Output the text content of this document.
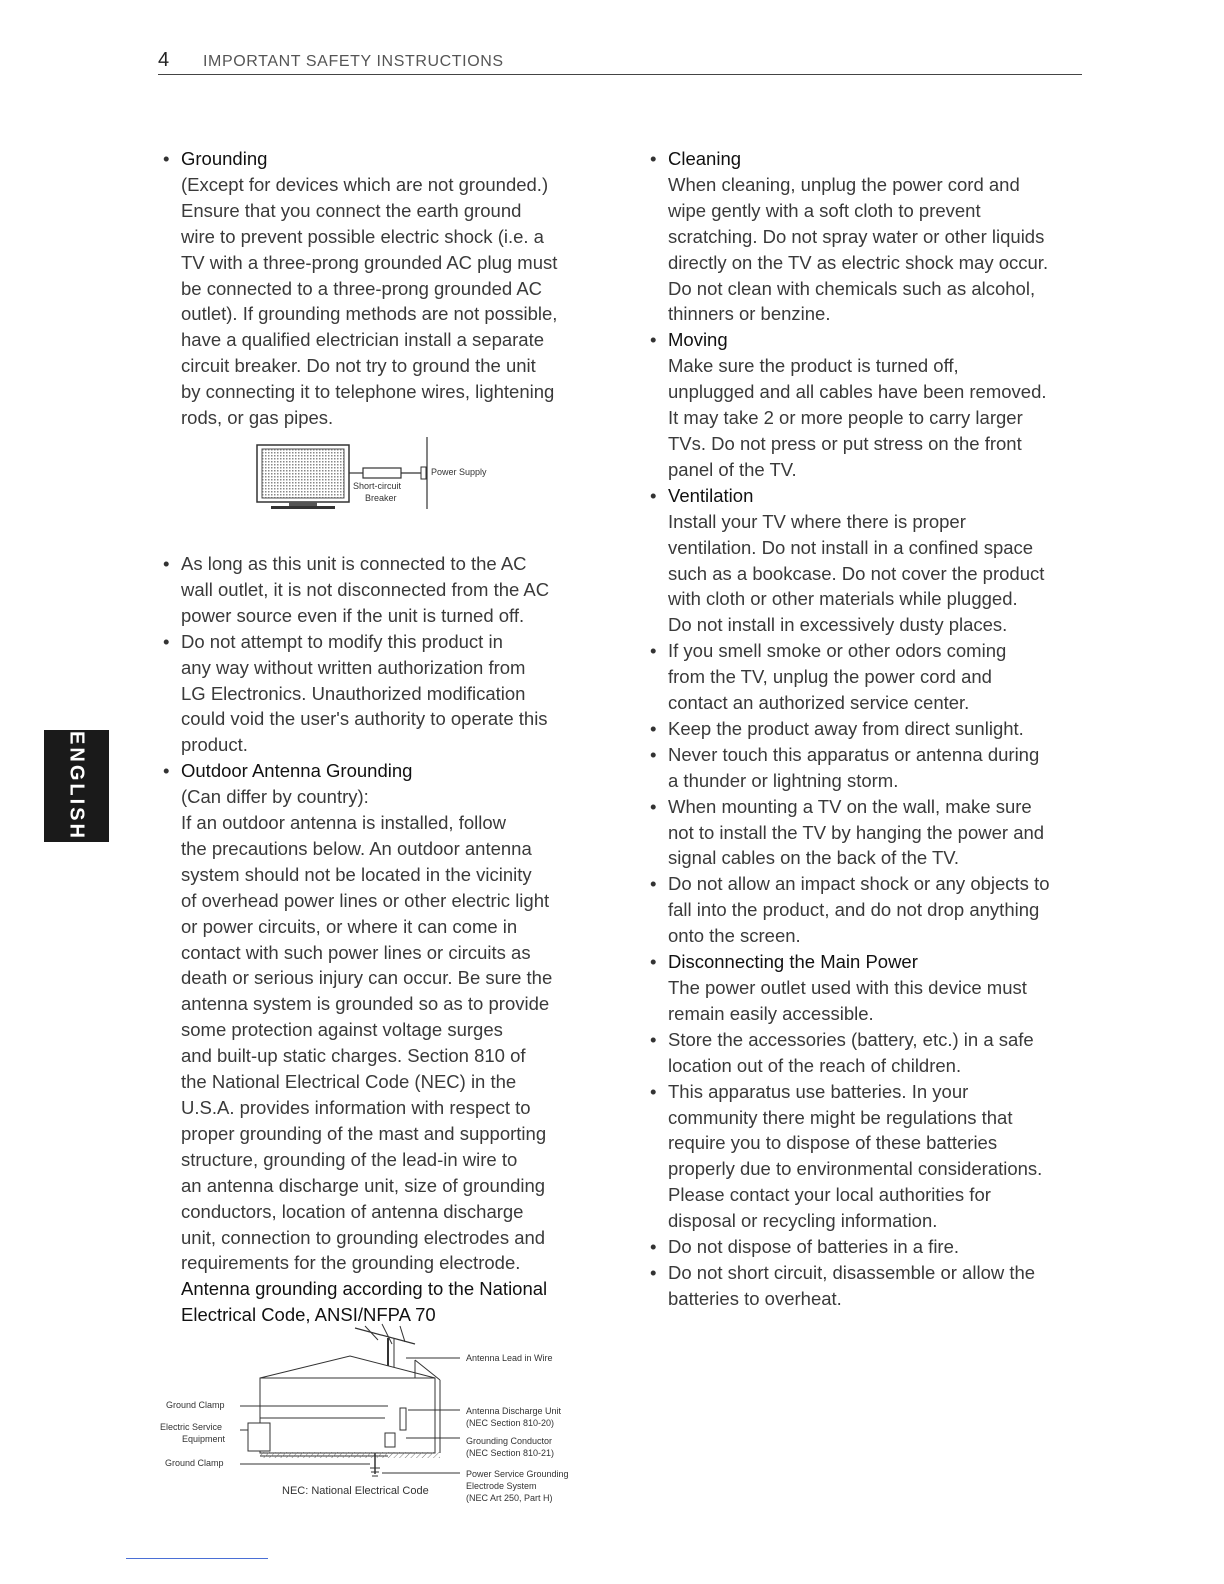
4 IMPORTANT SAFETY INSTRUCTIONS
ENGLISH
• Grounding
(Except for devices which are not grounded.)
Ensure that you connect the earth ground
wire to prevent possible electric shock (i.e. a
TV with a three-prong grounded AC plug must
be connected to a three-prong grounded AC
outlet). If grounding methods are not possible,
have a qualified electrician install a separate
circuit breaker. Do not try to ground the unit
by connecting it to telephone wires, lightening
rods, or gas pipes.
Power Supply
Short-circuit
Breaker
• As long as this unit is connected to the AC
wall outlet, it is not disconnected from the AC
power source even if the unit is turned off.
• Do not attempt to modify this product in
any way without written authorization from
LG Electronics. Unauthorized modification
could void the user's authority to operate this
product.
• Outdoor Antenna Grounding
(Can differ by country):
If an outdoor antenna is installed, follow
the precautions below. An outdoor antenna
system should not be located in the vicinity
of overhead power lines or other electric light
or power circuits, or where it can come in
contact with such power lines or circuits as
death or serious injury can occur. Be sure the
antenna system is grounded so as to provide
some protection against voltage surges
and built-up static charges. Section 810 of
the National Electrical Code (NEC) in the
U.S.A. provides information with respect to
proper grounding of the mast and supporting
structure, grounding of the lead-in wire to
an antenna discharge unit, size of grounding
conductors, location of antenna discharge
unit, connection to grounding electrodes and
requirements for the grounding electrode.
Antenna grounding according to the National
Electrical Code, ANSI/NFPA 70
Antenna Lead in Wire
Ground Clamp
Electric Service
Equipment
Ground Clamp
Antenna Discharge Unit
(NEC Section 810-20)
Grounding Conductor
(NEC Section 810-21)
Power Service Grounding
Electrode System
(NEC Art 250, Part H)
NEC: National Electrical Code
• Cleaning
When cleaning, unplug the power cord and
wipe gently with a soft cloth to prevent
scratching. Do not spray water or other liquids
directly on the TV as electric shock may occur.
Do not clean with chemicals such as alcohol,
thinners or benzine.
• Moving
Make sure the product is turned off,
unplugged and all cables have been removed.
It may take 2 or more people to carry larger
TVs. Do not press or put stress on the front
panel of the TV.
• Ventilation
Install your TV where there is proper
ventilation. Do not install in a confined space
such as a bookcase. Do not cover the product
with cloth or other materials while plugged.
Do not install in excessively dusty places.
• If you smell smoke or other odors coming
from the TV, unplug the power cord and
contact an authorized service center.
• Keep the product away from direct sunlight.
• Never touch this apparatus or antenna during
a thunder or lightning storm.
• When mounting a TV on the wall, make sure
not to install the TV by hanging the power and
signal cables on the back of the TV.
• Do not allow an impact shock or any objects to
fall into the product, and do not drop anything
onto the screen.
• Disconnecting the Main Power
The power outlet used with this device must
remain easily accessible.
• Store the accessories (battery, etc.) in a safe
location out of the reach of children.
• This apparatus use batteries. In your
community there might be regulations that
require you to dispose of these batteries
properly due to environmental considerations.
Please contact your local authorities for
disposal or recycling information.
• Do not dispose of batteries in a fire.
• Do not short circuit, disassemble or allow the
batteries to overheat.
